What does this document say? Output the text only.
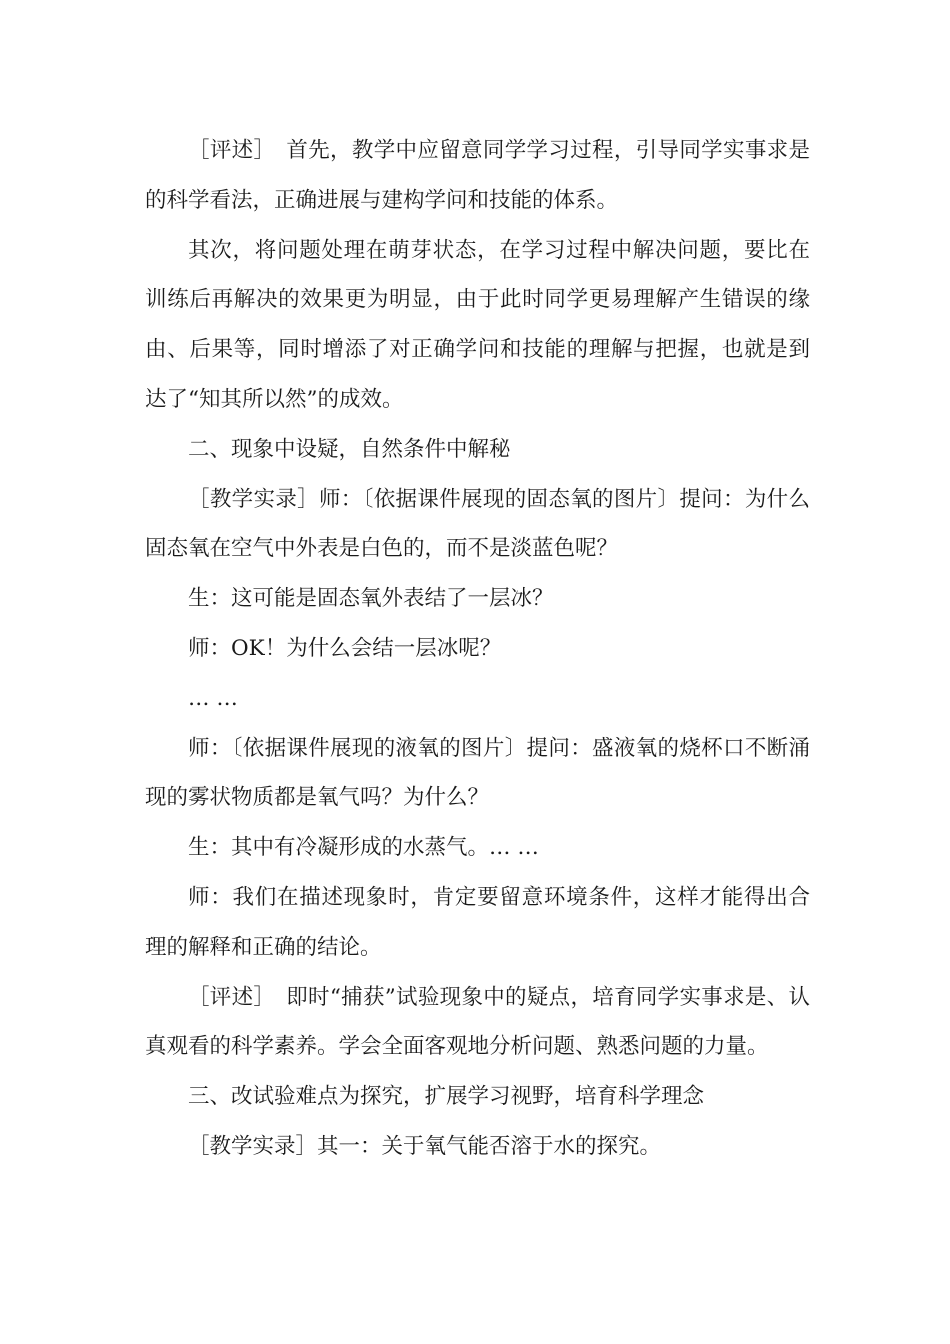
［评述］　首先，教学中应留意同学学习过程，引导同学实事求是的科学看法，正确进展与建构学问和技能的体系。

其次，将问题处理在萌芽状态，在学习过程中解决问题，要比在训练后再解决的效果更为明显，由于此时同学更易理解产生错误的缘由、后果等，同时增添了对正确学问和技能的理解与把握，也就是到达了“知其所以然”的成效。

二、现象中设疑，自然条件中解秘

［教学实录］师：〔依据课件展现的固态氧的图片〕提问：为什么固态氧在空气中外表是白色的，而不是淡蓝色呢？

生：这可能是固态氧外表结了一层冰？

师：OK！为什么会结一层冰呢？

… …

师：〔依据课件展现的液氧的图片〕提问：盛液氧的烧杯口不断涌现的雾状物质都是氧气吗？为什么？

生：其中有冷凝形成的水蒸气。… …

师：我们在描述现象时，肯定要留意环境条件，这样才能得出合理的解释和正确的结论。

［评述］　即时“捕获”试验现象中的疑点，培育同学实事求是、认真观看的科学素养。学会全面客观地分析问题、熟悉问题的力量。

三、改试验难点为探究，扩展学习视野，培育科学理念

［教学实录］其一：关于氧气能否溶于水的探究。
